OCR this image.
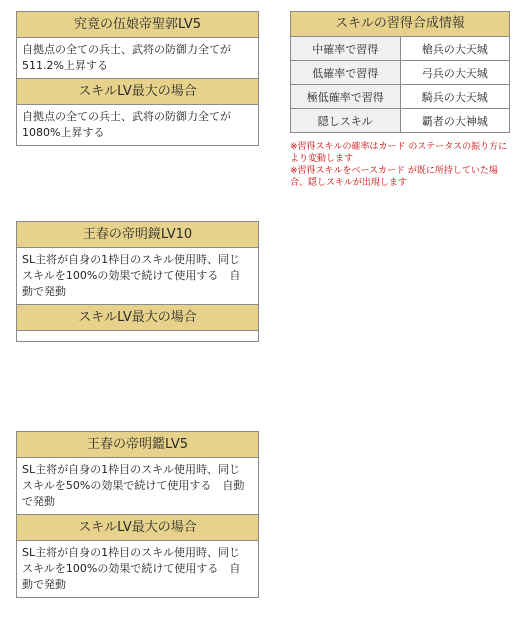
究竟の伍娘帝聖郭LV5
自拠点の全ての兵士、武将の防御力全てが
511.2%上昇する
スキルLV最大の場合
自拠点の全ての兵士、武将の防御力全てが
1080%上昇する
王春の帝明鏡LV10
SL主将が自身の1枠目のスキル使用時、同じ
スキルを100%の効果で続けて使用する　自
動で発動
スキルLV最大の場合
王春の帝明鑑LV5
SL主将が自身の1枠目のスキル使用時、同じ
スキルを50%の効果で続けて使用する　自動
で発動
スキルLV最大の場合
SL主将が自身の1枠目のスキル使用時、同じ
スキルを100%の効果で続けて使用する　自
動で発動
スキルの習得合成情報
中確率で習得	槍兵の大天城
低確率で習得	弓兵の大天城
極低確率で習得	騎兵の大天城
隠しスキル	覇者の大神城
※習得スキルの確率はカード のステータスの振り方により変動します
※習得スキルをベースカード が既に所持していた場合、隠しスキルが出現します
